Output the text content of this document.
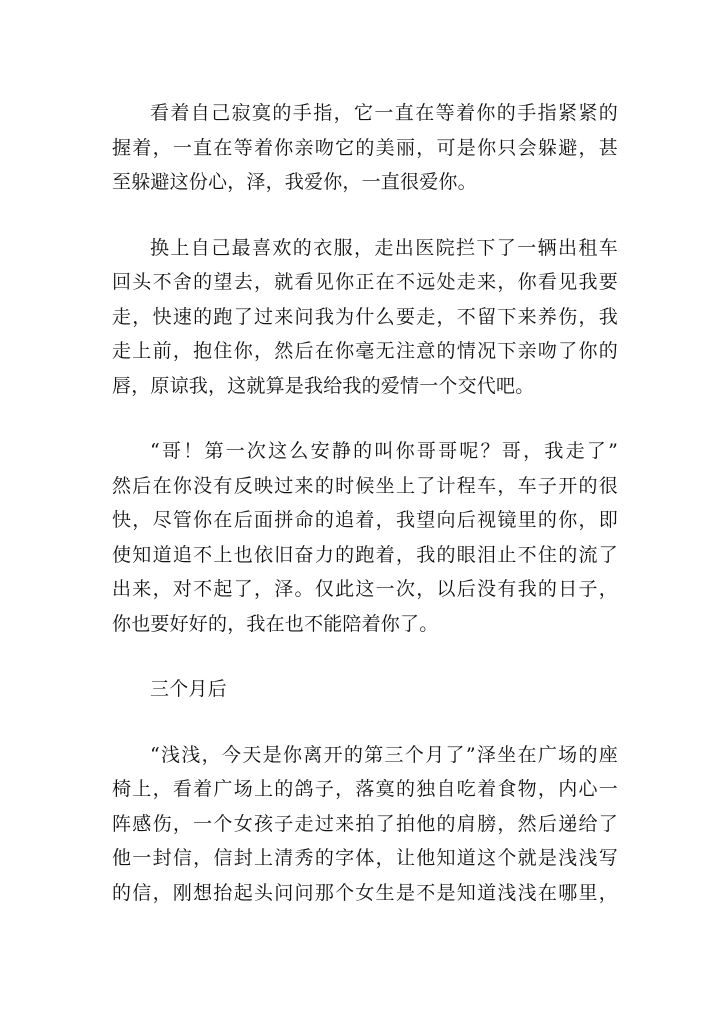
看着自己寂寞的手指，它一直在等着你的手指紧紧的
握着，一直在等着你亲吻它的美丽，可是你只会躲避，甚
至躲避这份心，泽，我爱你，一直很爱你。
换上自己最喜欢的衣服，走出医院拦下了一辆出租车
回头不舍的望去，就看见你正在不远处走来，你看见我要
走，快速的跑了过来问我为什么要走，不留下来养伤，我
走上前，抱住你，然后在你毫无注意的情况下亲吻了你的
唇，原谅我，这就算是我给我的爱情一个交代吧。
“哥！第一次这么安静的叫你哥哥呢？哥，我走了”
然后在你没有反映过来的时候坐上了计程车，车子开的很
快，尽管你在后面拼命的追着，我望向后视镜里的你，即
使知道追不上也依旧奋力的跑着，我的眼泪止不住的流了
出来，对不起了，泽。仅此这一次，以后没有我的日子，
你也要好好的，我在也不能陪着你了。
三个月后
“浅浅，今天是你离开的第三个月了”泽坐在广场的座
椅上，看着广场上的鸽子，落寞的独自吃着食物，内心一
阵感伤，一个女孩子走过来拍了拍他的肩膀，然后递给了
他一封信，信封上清秀的字体，让他知道这个就是浅浅写
的信，刚想抬起头问问那个女生是不是知道浅浅在哪里，
